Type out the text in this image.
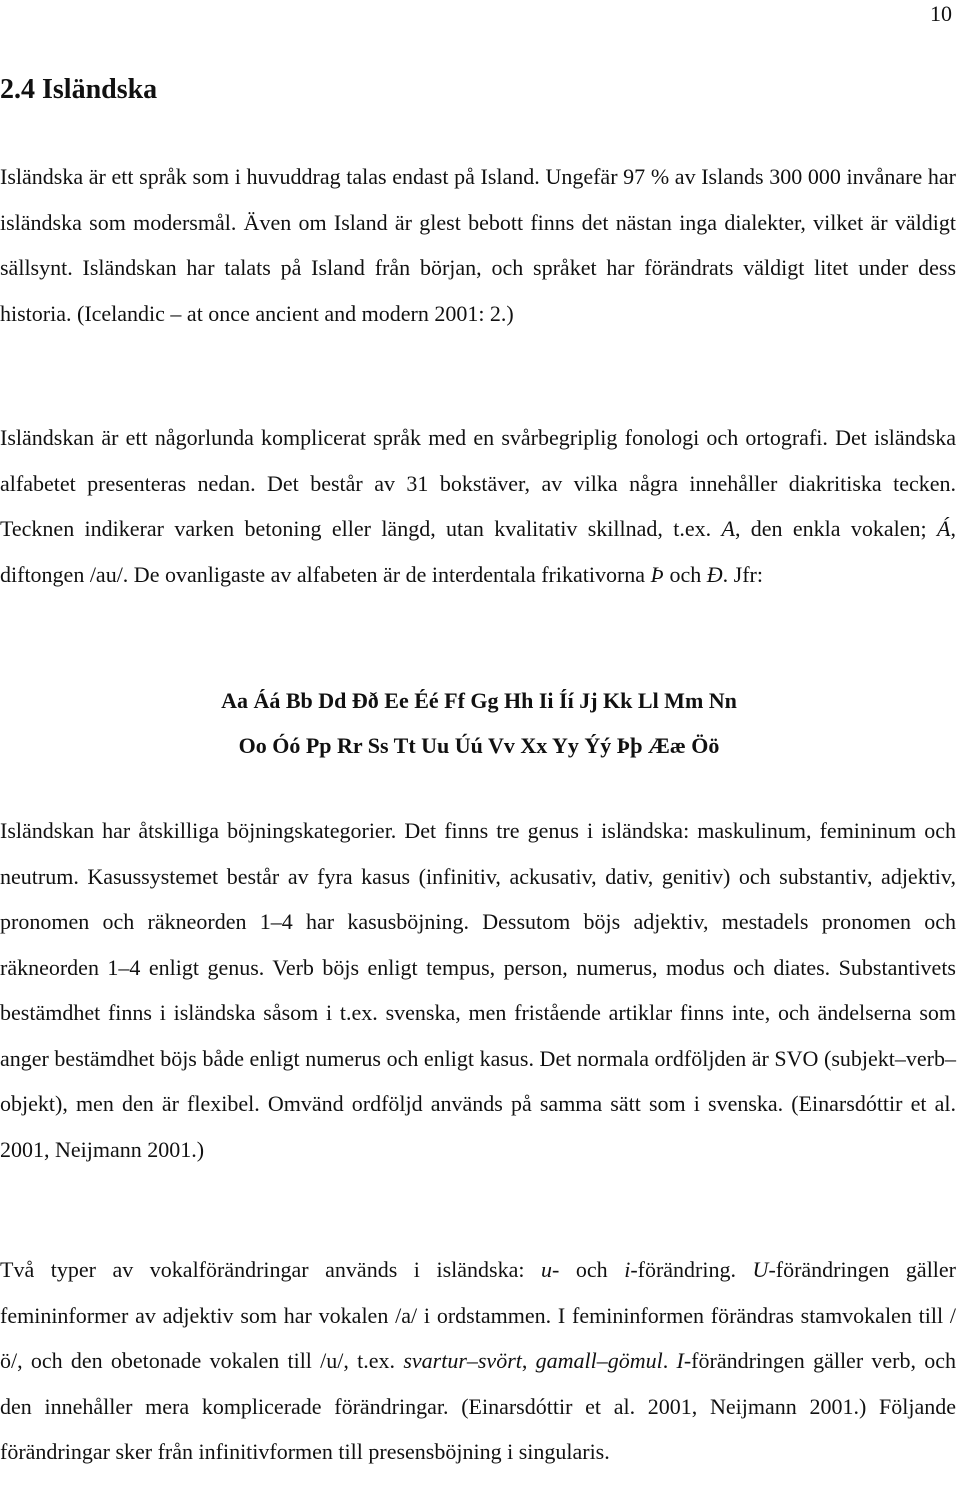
10
2.4 Isländska

Isländska är ett språk som i huvuddrag talas endast på Island. Ungefär 97 % av Islands 300 000 invånare har isländska som modersmål. Även om Island är glest bebott finns det nästan inga dialekter, vilket är väldigt sällsynt. Isländskan har talats på Island från början, och språket har förändrats väldigt litet under dess historia. (Icelandic – at once ancient and modern 2001: 2.)

Isländskan är ett någorlunda komplicerat språk med en svårbegriplig fonologi och ortografi. Det isländska alfabetet presenteras nedan. Det består av 31 bokstäver, av vilka några innehåller diakritiska tecken. Tecknen indikerar varken betoning eller längd, utan kvalitativ skillnad, t.ex. A, den enkla vokalen; Á, diftongen /au/. De ovanligaste av alfabeten är de interdentala frikativorna Þ och Ð. Jfr:

Aa Áá Bb Dd Ðð Ee Éé Ff Gg Hh Ii Íí Jj Kk Ll Mm Nn
Oo Óó Pp Rr Ss Tt Uu Úú Vv Xx Yy Ýý Þþ Ææ Öö

Isländskan har åtskilliga böjningskategorier. Det finns tre genus i isländska: maskulinum, femininum och neutrum. Kasussystemet består av fyra kasus (infinitiv, ackusativ, dativ, genitiv) och substantiv, adjektiv, pronomen och räkneorden 1–4 har kasusböjning. Dessutom böjs adjektiv, mestadels pronomen och räkneorden 1–4 enligt genus. Verb böjs enligt tempus, person, numerus, modus och diates. Substantivets bestämdhet finns i isländska såsom i t.ex. svenska, men fristående artiklar finns inte, och ändelserna som anger bestämdhet böjs både enligt numerus och enligt kasus. Det normala ordföljden är SVO (subjekt–verb–objekt), men den är flexibel. Omvänd ordföljd används på samma sätt som i svenska. (Einarsdóttir et al. 2001, Neijmann 2001.)

Två typer av vokalförändringar används i isländska: u- och i-förändring. U-förändringen gäller femininformer av adjektiv som har vokalen /a/ i ordstammen. I femininformen förändras stamvokalen till /ö/, och den obetonade vokalen till /u/, t.ex. svartur–svört, gamall–gömul. I-förändringen gäller verb, och den innehåller mera komplicerade förändringar. (Einarsdóttir et al. 2001, Neijmann 2001.) Följande förändringar sker från infinitivformen till presensböjning i singularis.
